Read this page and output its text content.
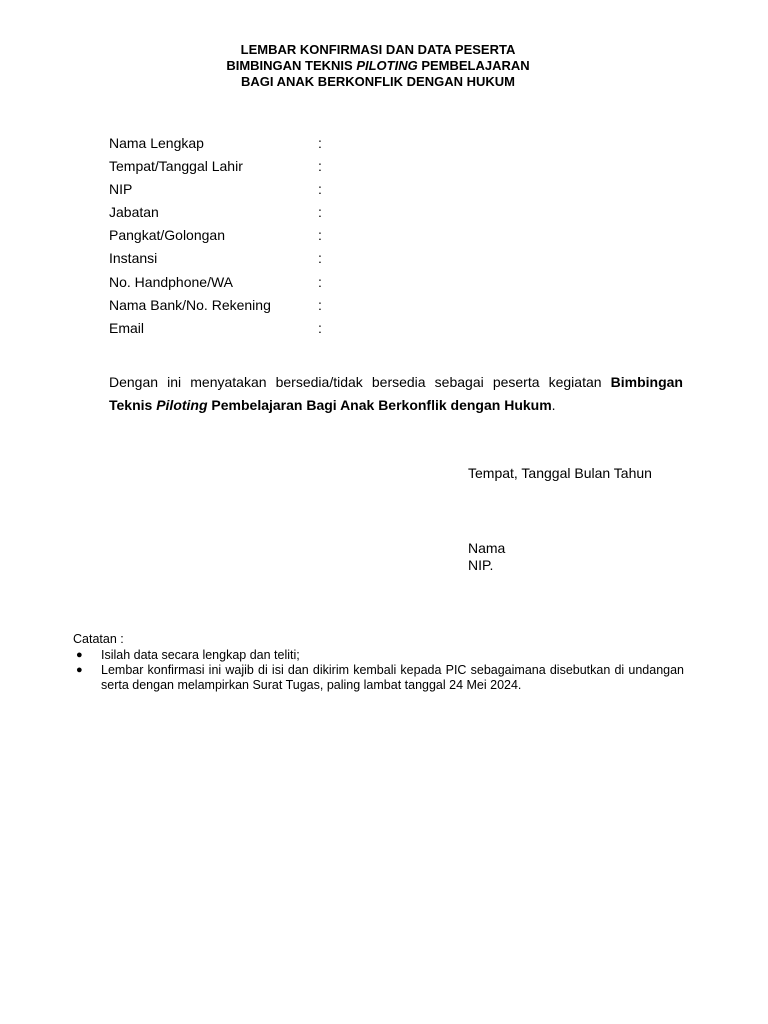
LEMBAR KONFIRMASI DAN DATA PESERTA
BIMBINGAN TEKNIS PILOTING PEMBELAJARAN
BAGI ANAK BERKONFLIK DENGAN HUKUM
Nama Lengkap	:
Tempat/Tanggal Lahir	:
NIP	:
Jabatan	:
Pangkat/Golongan	:
Instansi	:
No. Handphone/WA	:
Nama Bank/No. Rekening	:
Email	:
Dengan ini menyatakan bersedia/tidak bersedia sebagai peserta kegiatan Bimbingan Teknis Piloting Pembelajaran Bagi Anak Berkonflik dengan Hukum.
Tempat, Tanggal Bulan Tahun
Nama
NIP.
Catatan :
● Isilah data secara lengkap dan teliti;
● Lembar konfirmasi ini wajib di isi dan dikirim kembali kepada PIC sebagaimana disebutkan di undangan serta dengan melampirkan Surat Tugas, paling lambat tanggal 24 Mei 2024.
